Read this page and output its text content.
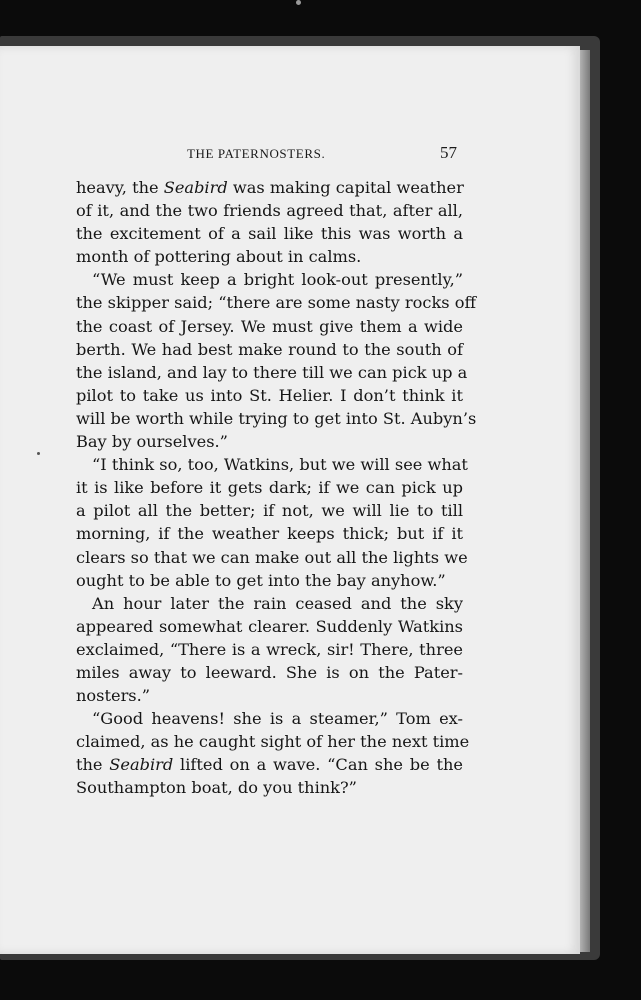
THE PATERNOSTERS.	57
heavy, the Seabird was making capital weather
of it, and the two friends agreed that, after all,
the excitement of a sail like this was worth a
month of pottering about in calms.
“We must keep a bright look-out presently,”
the skipper said; “there are some nasty rocks off
the coast of Jersey. We must give them a wide
berth. We had best make round to the south of
the island, and lay to there till we can pick up a
pilot to take us into St. Helier. I don’t think it
will be worth while trying to get into St. Aubyn’s
Bay by ourselves.”
“I think so, too, Watkins, but we will see what
it is like before it gets dark; if we can pick up
a pilot all the better; if not, we will lie to till
morning, if the weather keeps thick; but if it
clears so that we can make out all the lights we
ought to be able to get into the bay anyhow.”
An hour later the rain ceased and the sky
appeared somewhat clearer. Suddenly Watkins
exclaimed, “There is a wreck, sir! There, three
miles away to leeward. She is on the Pater-
nosters.”
“Good heavens! she is a steamer,” Tom ex-
claimed, as he caught sight of her the next time
the Seabird lifted on a wave. “Can she be the
Southampton boat, do you think?”
